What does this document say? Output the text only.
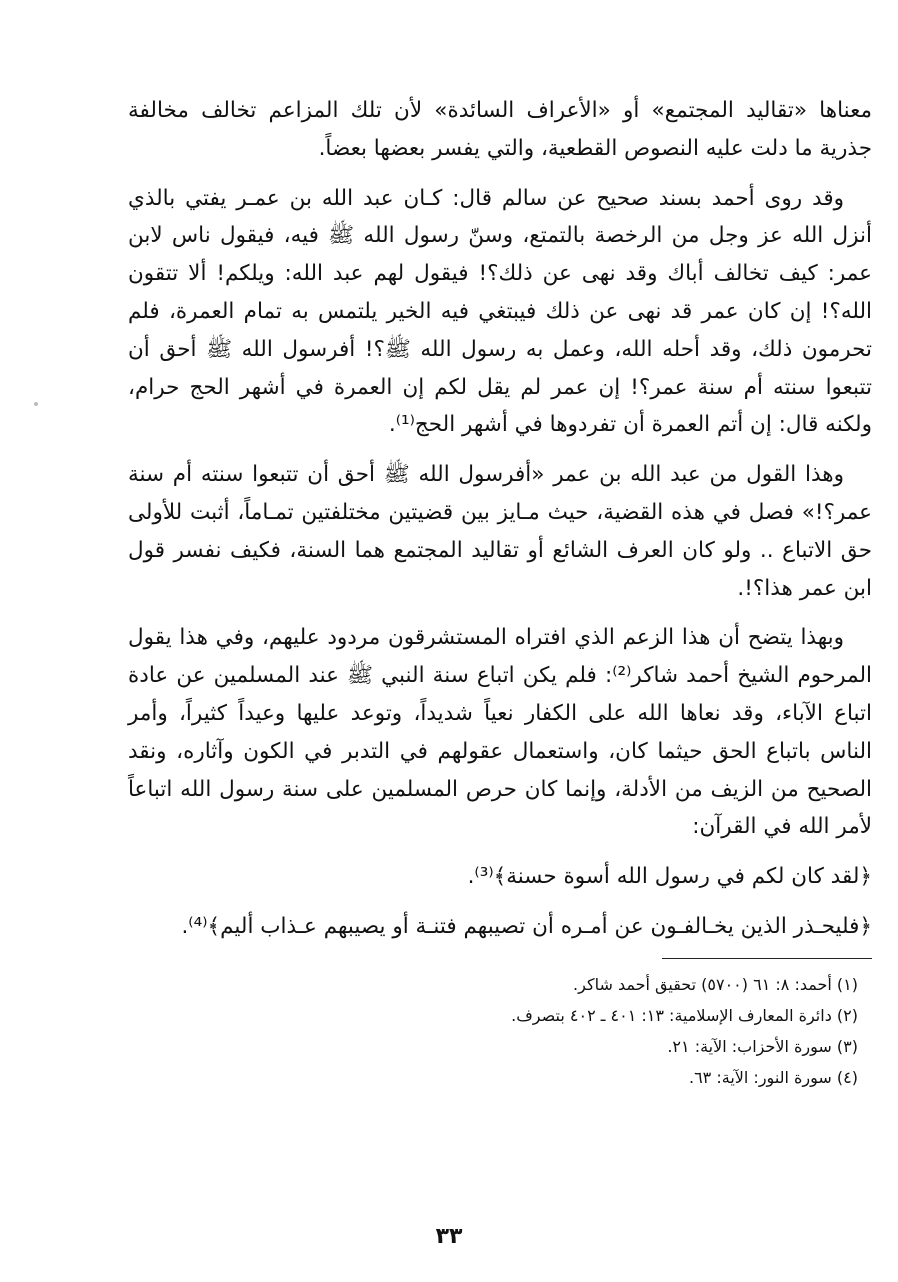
معناها «تقاليد المجتمع» أو «الأعراف السائدة» لأن تلك المزاعم تخالف مخالفة جذرية ما دلت عليه النصوص القطعية، والتي يفسر بعضها بعضاً.

وقد روى أحمد بسند صحيح عن سالم قال: كـان عبد الله بن عمـر يفتي بالذي أنزل الله عز وجل من الرخصة بالتمتع، وسنّ رسول الله ﷺ فيه، فيقول ناس لابن عمر: كيف تخالف أباك وقد نهى عن ذلك؟! فيقول لهم عبد الله: ويلكم! ألا تتقون الله؟! إن كان عمر قد نهى عن ذلك فيبتغي فيه الخير يلتمس به تمام العمرة، فلم تحرمون ذلك، وقد أحله الله، وعمل به رسول الله ﷺ؟! أفرسول الله ﷺ أحق أن تتبعوا سنته أم سنة عمر؟! إن عمر لم يقل لكم إن العمرة في أشهر الحج حرام، ولكنه قال: إن أتم العمرة أن تفردوها في أشهر الحج⁽¹⁾.

وهذا القول من عبد الله بن عمر «أفرسول الله ﷺ أحق أن تتبعوا سنته أم سنة عمر؟!» فصل في هذه القضية، حيث مـايز بين قضيتين مختلفتين تمـاماً، أثبت للأولى حق الاتباع .. ولو كان العرف الشائع أو تقاليد المجتمع هما السنة، فكيف نفسر قول ابن عمر هذا؟!.

وبهذا يتضح أن هذا الزعم الذي افتراه المستشرقون مردود عليهم، وفي هذا يقول المرحوم الشيخ أحمد شاكر⁽²⁾: فلم يكن اتباع سنة النبي ﷺ عند المسلمين عن عادة اتباع الآباء، وقد نعاها الله على الكفار نعياً شديداً، وتوعد عليها وعيداً كثيراً، وأمر الناس باتباع الحق حيثما كان، واستعمال عقولهم في التدبر في الكون وآثاره، ونقد الصحيح من الزيف من الأدلة، وإنما كان حرص المسلمين على سنة رسول الله اتباعاً لأمر الله في القرآن:

﴿لقد كان لكم في رسول الله أسوة حسنة﴾⁽³⁾.

﴿فليحـذر الذين يخـالفـون عن أمـره أن تصيبهم فتنـة أو يصيبهم عـذاب أليم﴾⁽⁴⁾.

(١) أحمد: ٨: ٦١ (٥٧٠٠) تحقيق أحمد شاكر.
(٢) دائرة المعارف الإسلامية: ١٣: ٤٠١ ـ ٤٠٢ بتصرف.
(٣) سورة الأحزاب: الآية: ٢١.
(٤) سورة النور: الآية: ٦٣.
٣٣
